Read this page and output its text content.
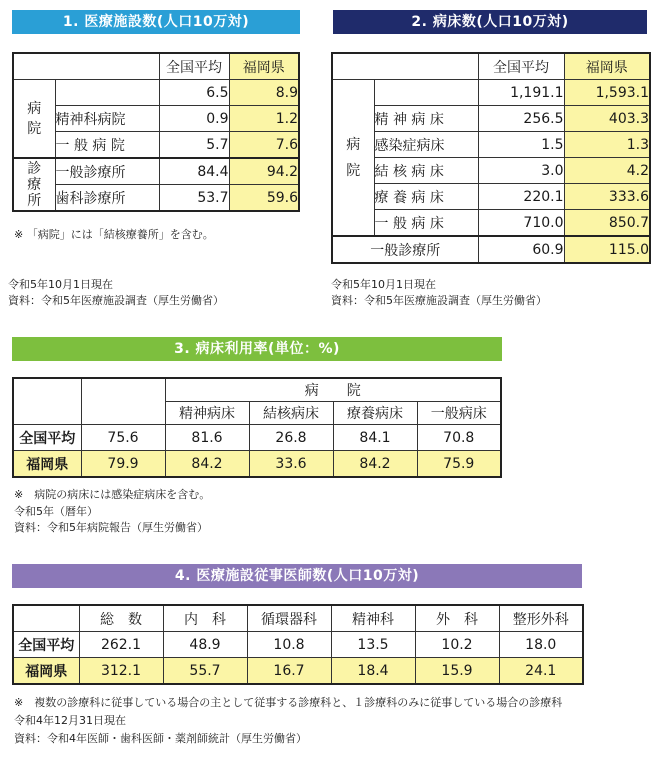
1. 医療施設数(人口10万対)
		全国平均	福岡県
病
院		6.5	8.9
	精神科病院	0.9	1.2
	一 般 病 院	5.7	7.6
診
療
所	一般診療所	84.4	94.2
	歯科診療所	53.7	59.6
※ 「病院」には「結核療養所」を含む。
令和5年10月1日現在
資料：令和5年医療施設調査（厚生労働省）
2. 病床数(人口10万対)
		全国平均	福岡県
病
院		1,191.1	1,593.1
	精 神 病 床	256.5	403.3
	感染症病床	1.5	1.3
	結 核 病 床	3.0	4.2
	療 養 病 床	220.1	333.6
	一 般 病 床	710.0	850.7
一般診療所		60.9	115.0
令和5年10月1日現在
資料：令和5年医療施設調査（厚生労働省）
3. 病床利用率(単位：%)
		病　　院			
		精神病床	結核病床	療養病床	一般病床
全国平均	75.6	81.6	26.8	84.1	70.8
福岡県	79.9	84.2	33.6	84.2	75.9
※　病院の病床には感染症病床を含む。
令和5年（暦年）
資料：令和5年病院報告（厚生労働省）
4. 医療施設従事医師数(人口10万対)
	総　数	内　科	循環器科	精神科	外　科	整形外科
全国平均	262.1	48.9	10.8	13.5	10.2	18.0
福岡県	312.1	55.7	16.7	18.4	15.9	24.1
※　複数の診療科に従事している場合の主として従事する診療科と、１診療科のみに従事している場合の診療科
令和4年12月31日現在
資料：令和4年医師・歯科医師・薬剤師統計（厚生労働省）
